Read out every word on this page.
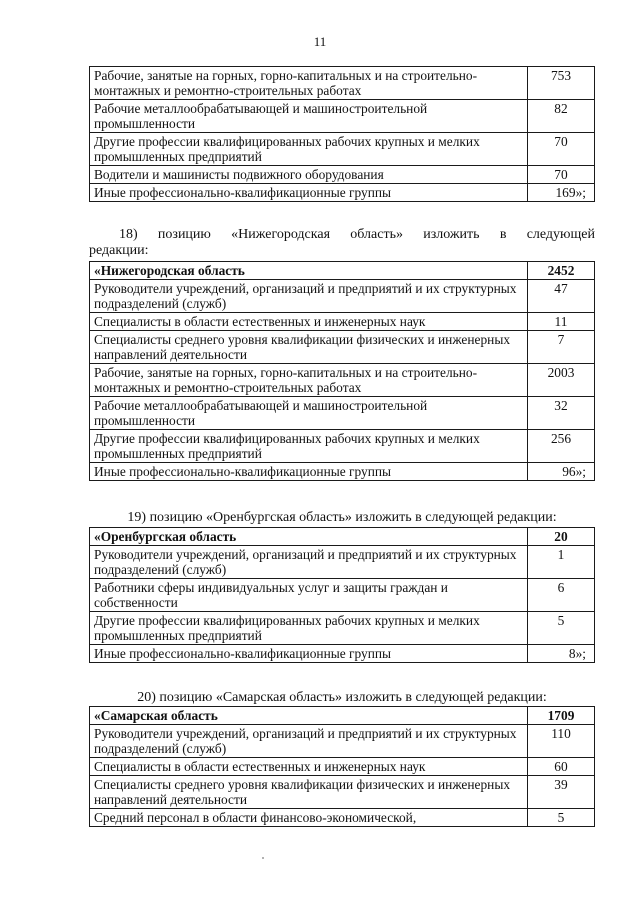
11
Рабочие, занятые на горных, горно-капитальных и на строительно-монтажных и ремонтно-строительных работах	753
Рабочие металлообрабатывающей и машиностроительной промышленности	82
Другие профессии квалифицированных рабочих крупных и мелких промышленных предприятий	70
Водители и машинисты подвижного оборудования	70
Иные профессионально-квалификационные группы	169»;
18) позицию «Нижегородская область» изложить в следующей
редакции:
«Нижегородская область	2452
Руководители учреждений, организаций и предприятий и их структурных подразделений (служб)	47
Специалисты в области естественных и инженерных наук	11
Специалисты среднего уровня квалификации физических и инженерных направлений деятельности	7
Рабочие, занятые на горных, горно-капитальных и на строительно-монтажных и ремонтно-строительных работах	2003
Рабочие металлообрабатывающей и машиностроительной промышленности	32
Другие профессии квалифицированных рабочих крупных и мелких промышленных предприятий	256
Иные профессионально-квалификационные группы	96»;
19) позицию «Оренбургская область» изложить в следующей редакции:
«Оренбургская область	20
Руководители учреждений, организаций и предприятий и их структурных подразделений (служб)	1
Работники сферы индивидуальных услуг и защиты граждан и собственности	6
Другие профессии квалифицированных рабочих крупных и мелких промышленных предприятий	5
Иные профессионально-квалификационные группы	8»;
20) позицию «Самарская область» изложить в следующей редакции:
«Самарская область	1709
Руководители учреждений, организаций и предприятий и их структурных подразделений (служб)	110
Специалисты в области естественных и инженерных наук	60
Специалисты среднего уровня квалификации физических и инженерных направлений деятельности	39
Средний персонал в области финансово-экономической,	5
